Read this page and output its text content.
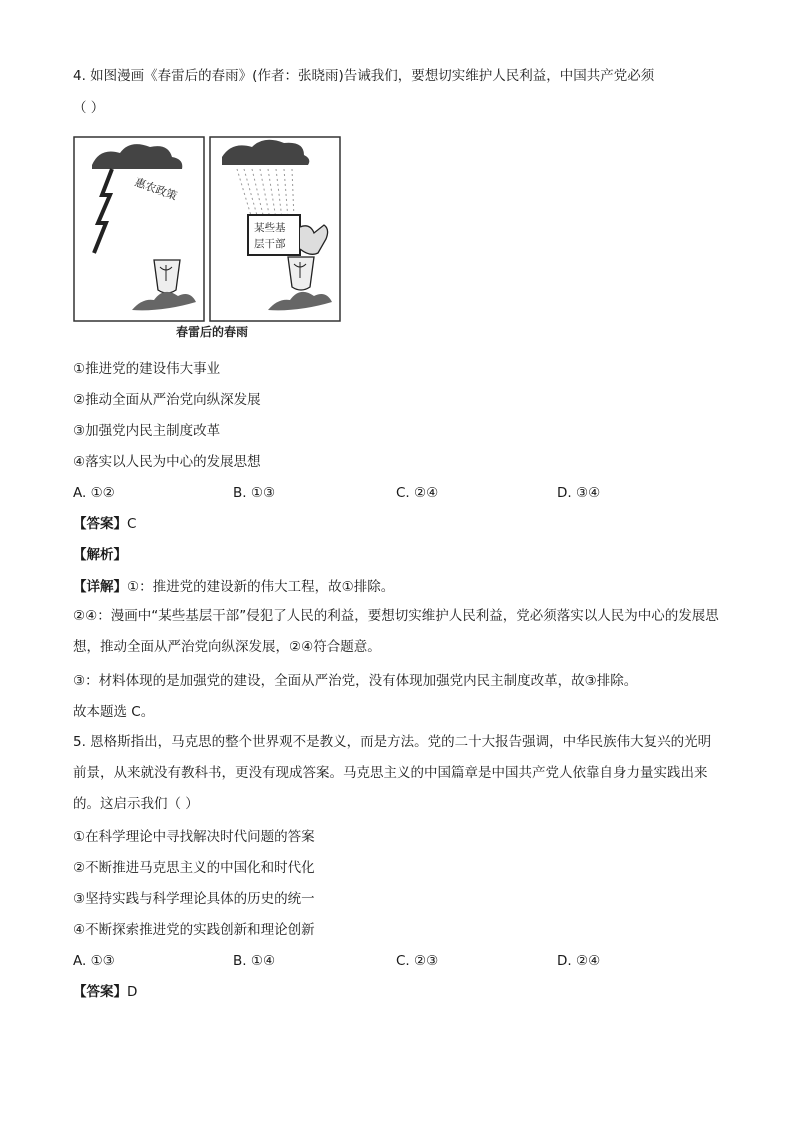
4. 如图漫画《春雷后的春雨》(作者：张晓雨)告诫我们，要想切实维护人民利益，中国共产党必须
（ ）
惠农政策
某些基
层干部
春雷后的春雨
①推进党的建设伟大事业
②推动全面从严治党向纵深发展
③加强党内民主制度改革
④落实以人民为中心的发展思想
A. ①②	B. ①③	C. ②④	D. ③④
【答案】C
【解析】
【详解】①：推进党的建设新的伟大工程，故①排除。
②④：漫画中“某些基层干部”侵犯了人民的利益，要想切实维护人民利益，党必须落实以人民为中心的发展思想，推动全面从严治党向纵深发展，②④符合题意。
③：材料体现的是加强党的建设，全面从严治党，没有体现加强党内民主制度改革，故③排除。
故本题选 C。
5. 恩格斯指出，马克思的整个世界观不是教义，而是方法。党的二十大报告强调，中华民族伟大复兴的光明前景，从来就没有教科书，更没有现成答案。马克思主义的中国篇章是中国共产党人依靠自身力量实践出来的。这启示我们（ ）
①在科学理论中寻找解决时代问题的答案
②不断推进马克思主义的中国化和时代化
③坚持实践与科学理论具体的历史的统一
④不断探索推进党的实践创新和理论创新
A. ①③	B. ①④	C. ②③	D. ②④
【答案】D
